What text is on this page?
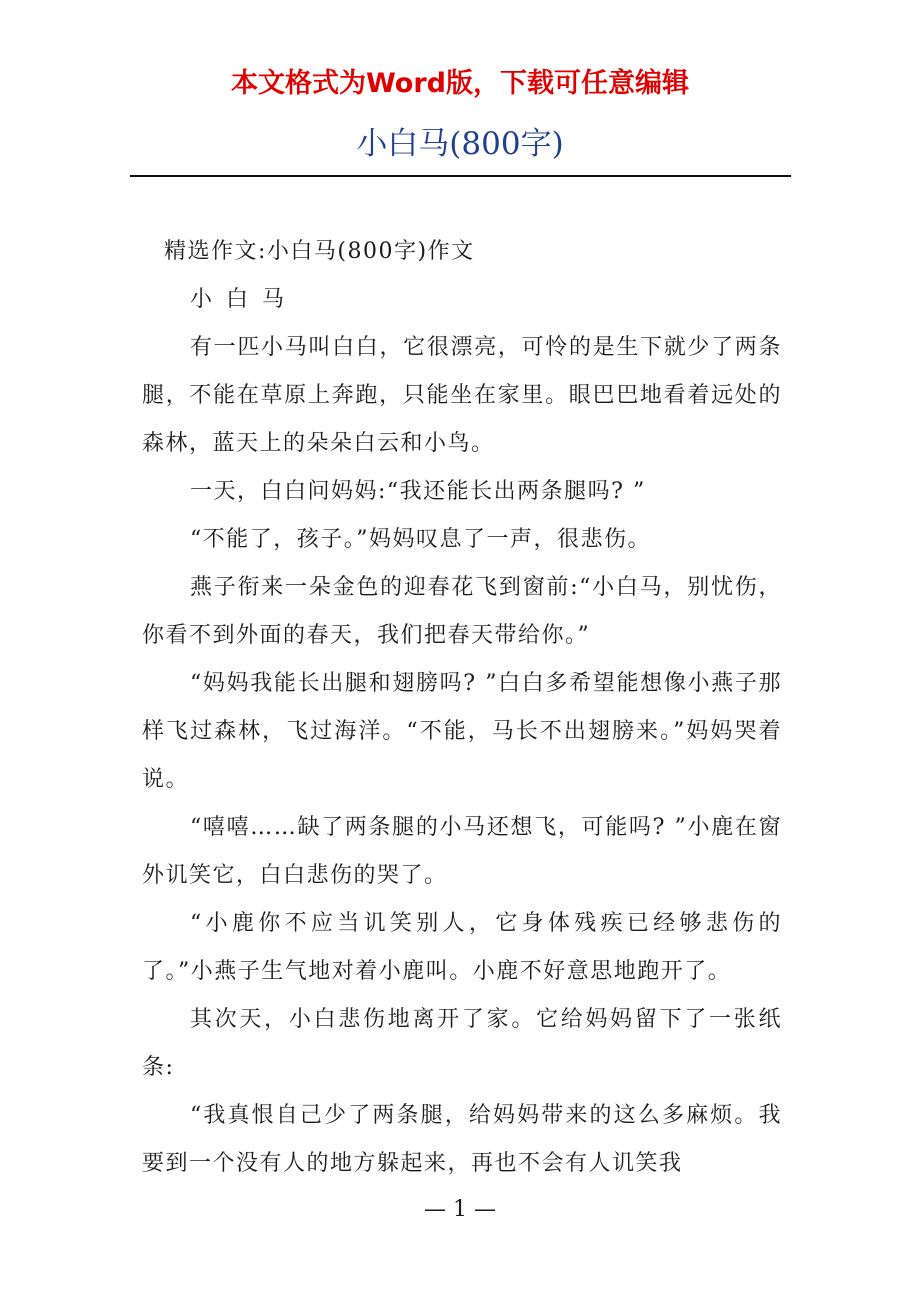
本文格式为Word版，下载可任意编辑
小白马(800字)

精选作文:小白马(800字)作文

小白马

有一匹小马叫白白，它很漂亮，可怜的是生下就少了两条腿，不能在草原上奔跑，只能坐在家里。眼巴巴地看着远处的森林，蓝天上的朵朵白云和小鸟。

一天，白白问妈妈:“我还能长出两条腿吗? ”

“不能了，孩子。”妈妈叹息了一声，很悲伤。

燕子衔来一朵金色的迎春花飞到窗前:“小白马，别忧伤，你看不到外面的春天，我们把春天带给你。”

“妈妈我能长出腿和翅膀吗? ”白白多希望能想像小燕子那样飞过森林，飞过海洋。“不能，马长不出翅膀来。”妈妈哭着说。

“嘻嘻……缺了两条腿的小马还想飞，可能吗? ”小鹿在窗外讥笑它，白白悲伤的哭了。

“小鹿你不应当讥笑别人，它身体残疾已经够悲伤的了。”小燕子生气地对着小鹿叫。小鹿不好意思地跑开了。

其次天，小白悲伤地离开了家。它给妈妈留下了一张纸条:

“我真恨自己少了两条腿，给妈妈带来的这么多麻烦。我要到一个没有人的地方躲起来，再也不会有人讥笑我

— 1 —
